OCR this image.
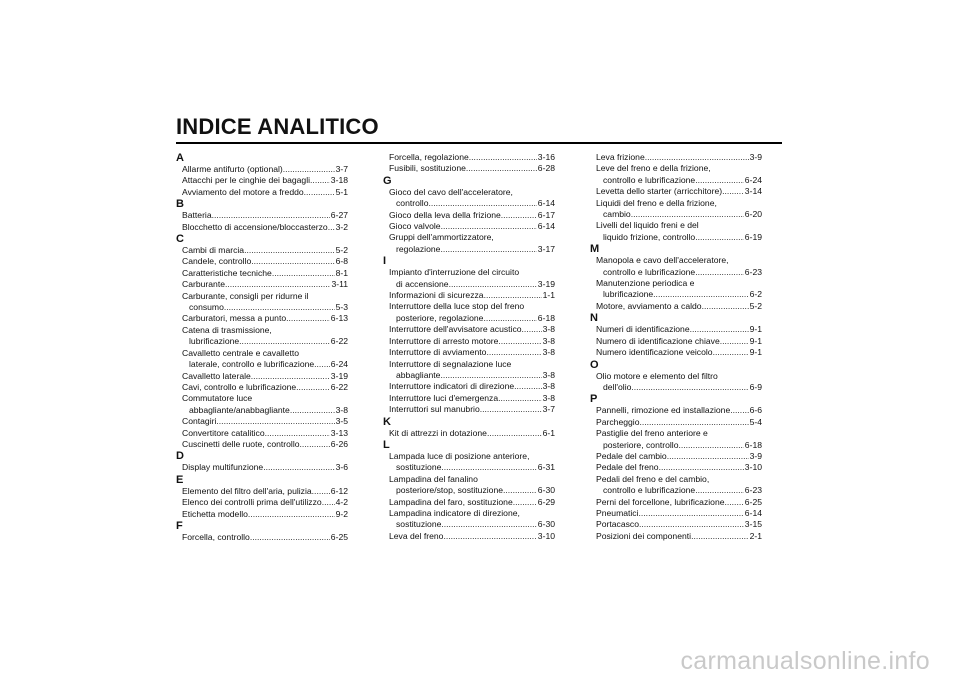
INDICE ANALITICO
A
Allarme antifurto (optional) .....	3-7
Attacchi per le cinghie dei bagagli ..... 3-18
Avviamento del motore a freddo .....	5-1
B
Batteria .....	6-27
Blocchetto di accensione/bloccasterzo ..... 3-2
C
Cambi di marcia .....	5-2
Candele, controllo .....	6-8
Caratteristiche tecniche .....	8-1
Carburante .....	3-11
Carburante, consigli per ridurne il
consumo .....	5-3
Carburatori, messa a punto .....	6-13
Catena di trasmissione,
lubrificazione .....	6-22
Cavalletto centrale e cavalletto
laterale, controllo e lubrificazione ..... 6-24
Cavalletto laterale .....	3-19
Cavi, controllo e lubrificazione .....	6-22
Commutatore luce
abbagliante/anabbagliante .....	3-8
Contagiri .....	3-5
Convertitore catalitico .....	3-13
Cuscinetti delle ruote, controllo .....	6-26
D
Display multifunzione .....	3-6
E
Elemento del filtro dell'aria, pulizia ..... 6-12
Elenco dei controlli prima dell'utilizzo ..... 4-2
Etichetta modello .....	9-2
F
Forcella, controllo .....	6-25
Forcella, regolazione .....	3-16
Fusibili, sostituzione .....	6-28
G
Gioco del cavo dell'acceleratore,
controllo .....	6-14
Gioco della leva della frizione .....	6-17
Gioco valvole .....	6-14
Gruppi dell'ammortizzatore,
regolazione .....	3-17
I
Impianto d'interruzione del circuito
di accensione .....	3-19
Informazioni di sicurezza .....	1-1
Interruttore della luce stop del freno
posteriore, regolazione .....	6-18
Interruttore dell'avvisatore acustico ..... 3-8
Interruttore di arresto motore .....	3-8
Interruttore di avviamento .....	3-8
Interruttore di segnalazione luce
abbagliante .....	3-8
Interruttore indicatori di direzione .....	3-8
Interruttore luci d'emergenza .....	3-8
Interruttori sul manubrio .....	3-7
K
Kit di attrezzi in dotazione .....	6-1
L
Lampada luce di posizione anteriore,
sostituzione .....	6-31
Lampadina del fanalino
posteriore/stop, sostituzione .....	6-30
Lampadina del faro, sostituzione .....	6-29
Lampadina indicatore di direzione,
sostituzione .....	6-30
Leva del freno .....	3-10
Leva frizione .....	3-9
Leve del freno e della frizione,
controllo e lubrificazione .....	6-24
Levetta dello starter (arricchitore) .....	3-14
Liquidi del freno e della frizione,
cambio .....	6-20
Livelli del liquido freni e del
liquido frizione, controllo .....	6-19
M
Manopola e cavo dell'acceleratore,
controllo e lubrificazione .....	6-23
Manutenzione periodica e
lubrificazione .....	6-2
Motore, avviamento a caldo .....	5-2
N
Numeri di identificazione .....	9-1
Numero di identificazione chiave .....	9-1
Numero identificazione veicolo .....	9-1
O
Olio motore e elemento del filtro
dell'olio .....	6-9
P
Pannelli, rimozione ed installazione ..... 6-6
Parcheggio .....	5-4
Pastiglie del freno anteriore e
posteriore, controllo .....	6-18
Pedale del cambio .....	3-9
Pedale del freno .....	3-10
Pedali del freno e del cambio,
controllo e lubrificazione .....	6-23
Perni del forcellone, lubrificazione ..... 6-25
Pneumatici .....	6-14
Portacasco .....	3-15
Posizioni dei componenti .....	2-1
carmanualsonline.info
